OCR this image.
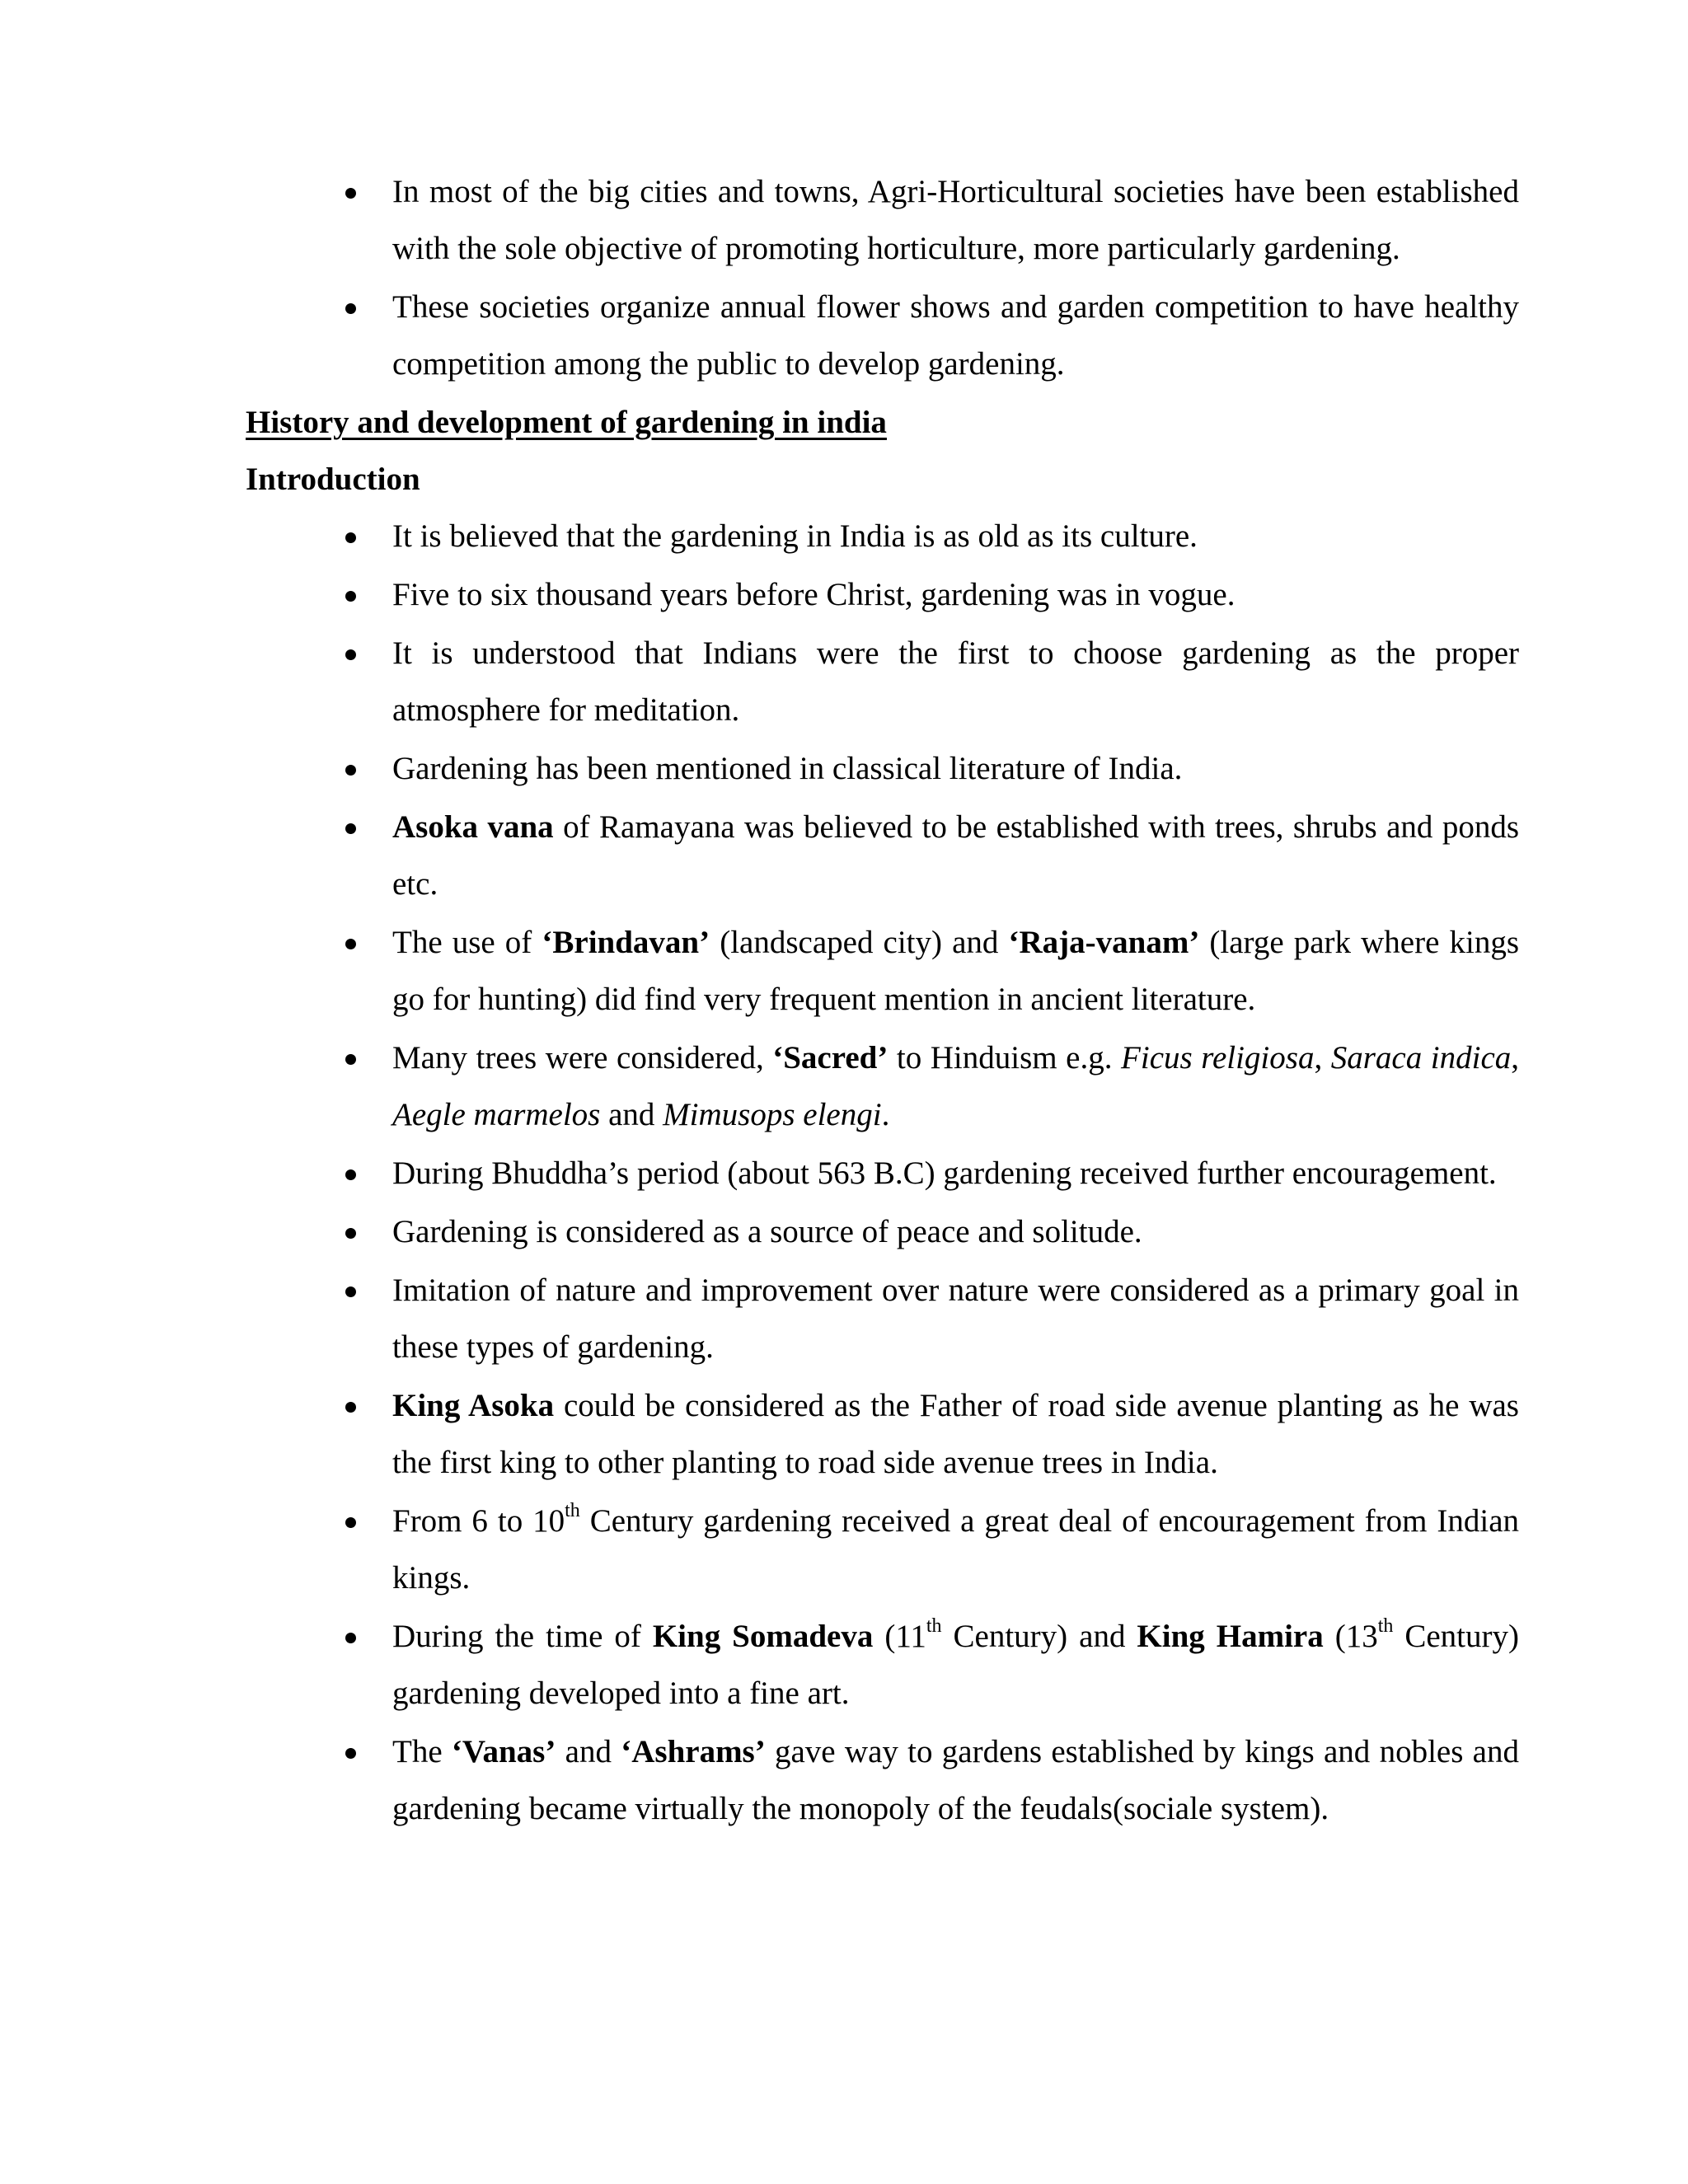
In most of the big cities and towns, Agri-Horticultural societies have been established with the sole objective of promoting horticulture, more particularly gardening.
These societies organize annual flower shows and garden competition to have healthy competition among the public to develop gardening.
History and development of gardening in india
Introduction
It is believed that the gardening in India is as old as its culture.
Five to six thousand years before Christ, gardening was in vogue.
It is understood that Indians were the first to choose gardening as the proper atmosphere for meditation.
Gardening has been mentioned in classical literature of India.
Asoka vana of Ramayana was believed to be established with trees, shrubs and ponds etc.
The use of ‘Brindavan’ (landscaped city) and ‘Raja-vanam’ (large park where kings go for hunting) did find very frequent mention in ancient literature.
Many trees were considered, ‘Sacred’ to Hinduism e.g. Ficus religiosa, Saraca indica, Aegle marmelos and Mimusops elengi.
During Bhuddha’s period (about 563 B.C) gardening received further encouragement.
Gardening is considered as a source of peace and solitude.
Imitation of nature and improvement over nature were considered as a primary goal in these types of gardening.
King Asoka could be considered as the Father of road side avenue planting as he was the first king to other planting to road side avenue trees in India.
From 6 to 10th Century gardening received a great deal of encouragement from Indian kings.
During the time of King Somadeva (11th Century) and King Hamira (13th Century) gardening developed into a fine art.
The ‘Vanas’ and ‘Ashrams’ gave way to gardens established by kings and nobles and gardening became virtually the monopoly of the feudals(sociale system).
